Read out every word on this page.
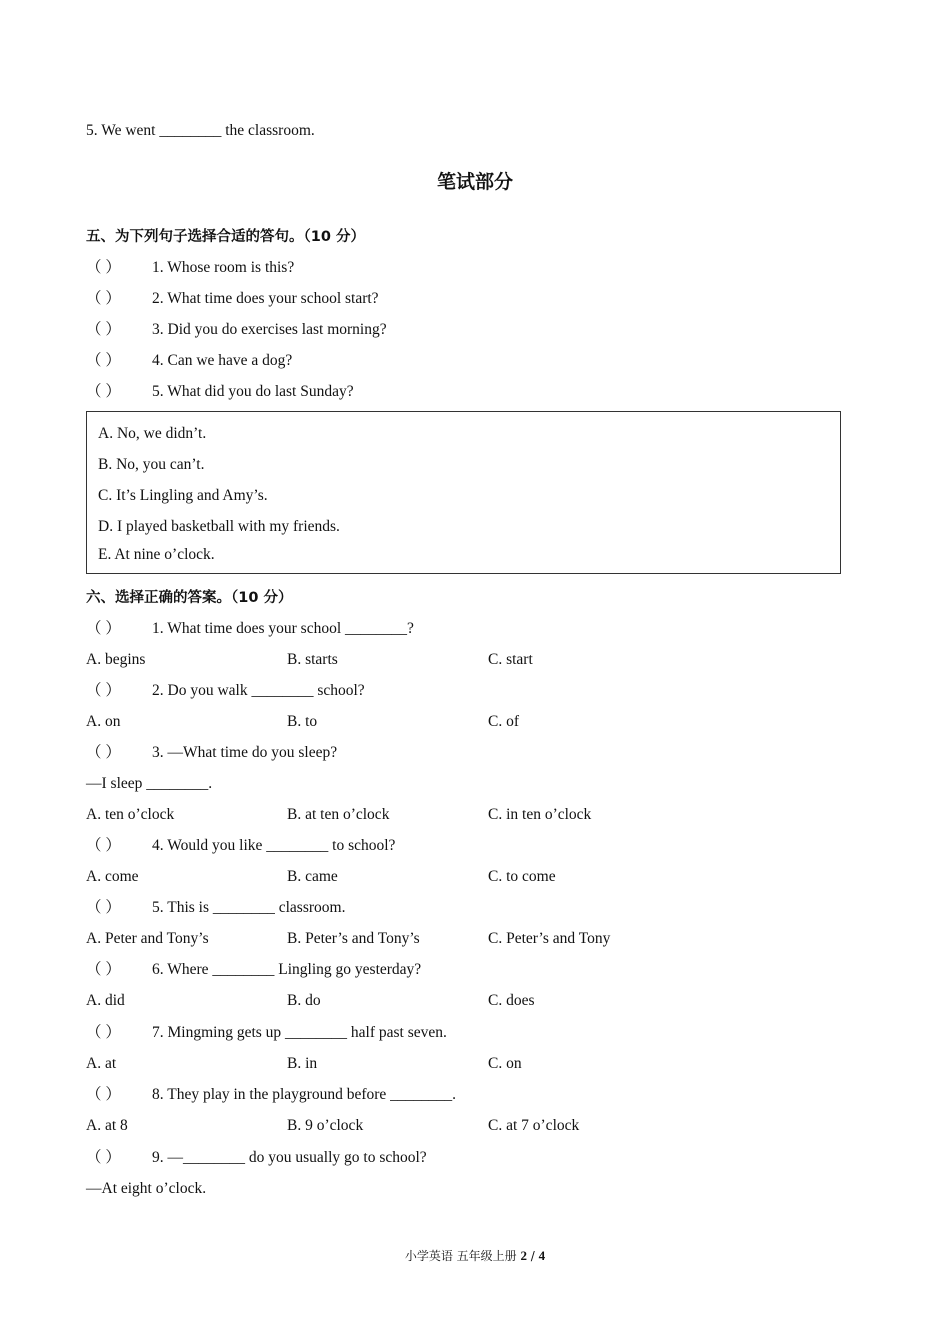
5. We went ________ the classroom.
笔试部分
五、为下列句子选择合适的答句。（10 分）
（ ） 1. Whose room is this?
（ ） 2. What time does your school start?
（ ） 3. Did you do exercises last morning?
（ ） 4. Can we have a dog?
（ ） 5. What did you do last Sunday?
A. No, we didn’t.
B. No, you can’t.
C. It’s Lingling and Amy’s.
D. I played basketball with my friends.
E. At nine o’clock.
六、选择正确的答案。（10 分）
（ ） 1. What time does your school ________?
A. begins	B. starts	C. start
（ ） 2. Do you walk ________ school?
A. on	B. to	C. of
（ ） 3. —What time do you sleep?
—I sleep ________.
A. ten o’clock	B. at ten o’clock	C. in ten o’clock
（ ） 4. Would you like ________ to school?
A. come	B. came	C. to come
（ ） 5. This is ________ classroom.
A. Peter and Tony’s	B. Peter’s and Tony’s	C. Peter’s and Tony
（ ） 6. Where ________ Lingling go yesterday?
A. did	B. do	C. does
（ ） 7. Mingming gets up ________ half past seven.
A. at	B. in	C. on
（ ） 8. They play in the playground before ________.
A. at 8	B. 9 o’clock	C. at 7 o’clock
（ ） 9. —________ do you usually go to school?
—At eight o’clock.
小学英语 五年级上册 2 / 4
